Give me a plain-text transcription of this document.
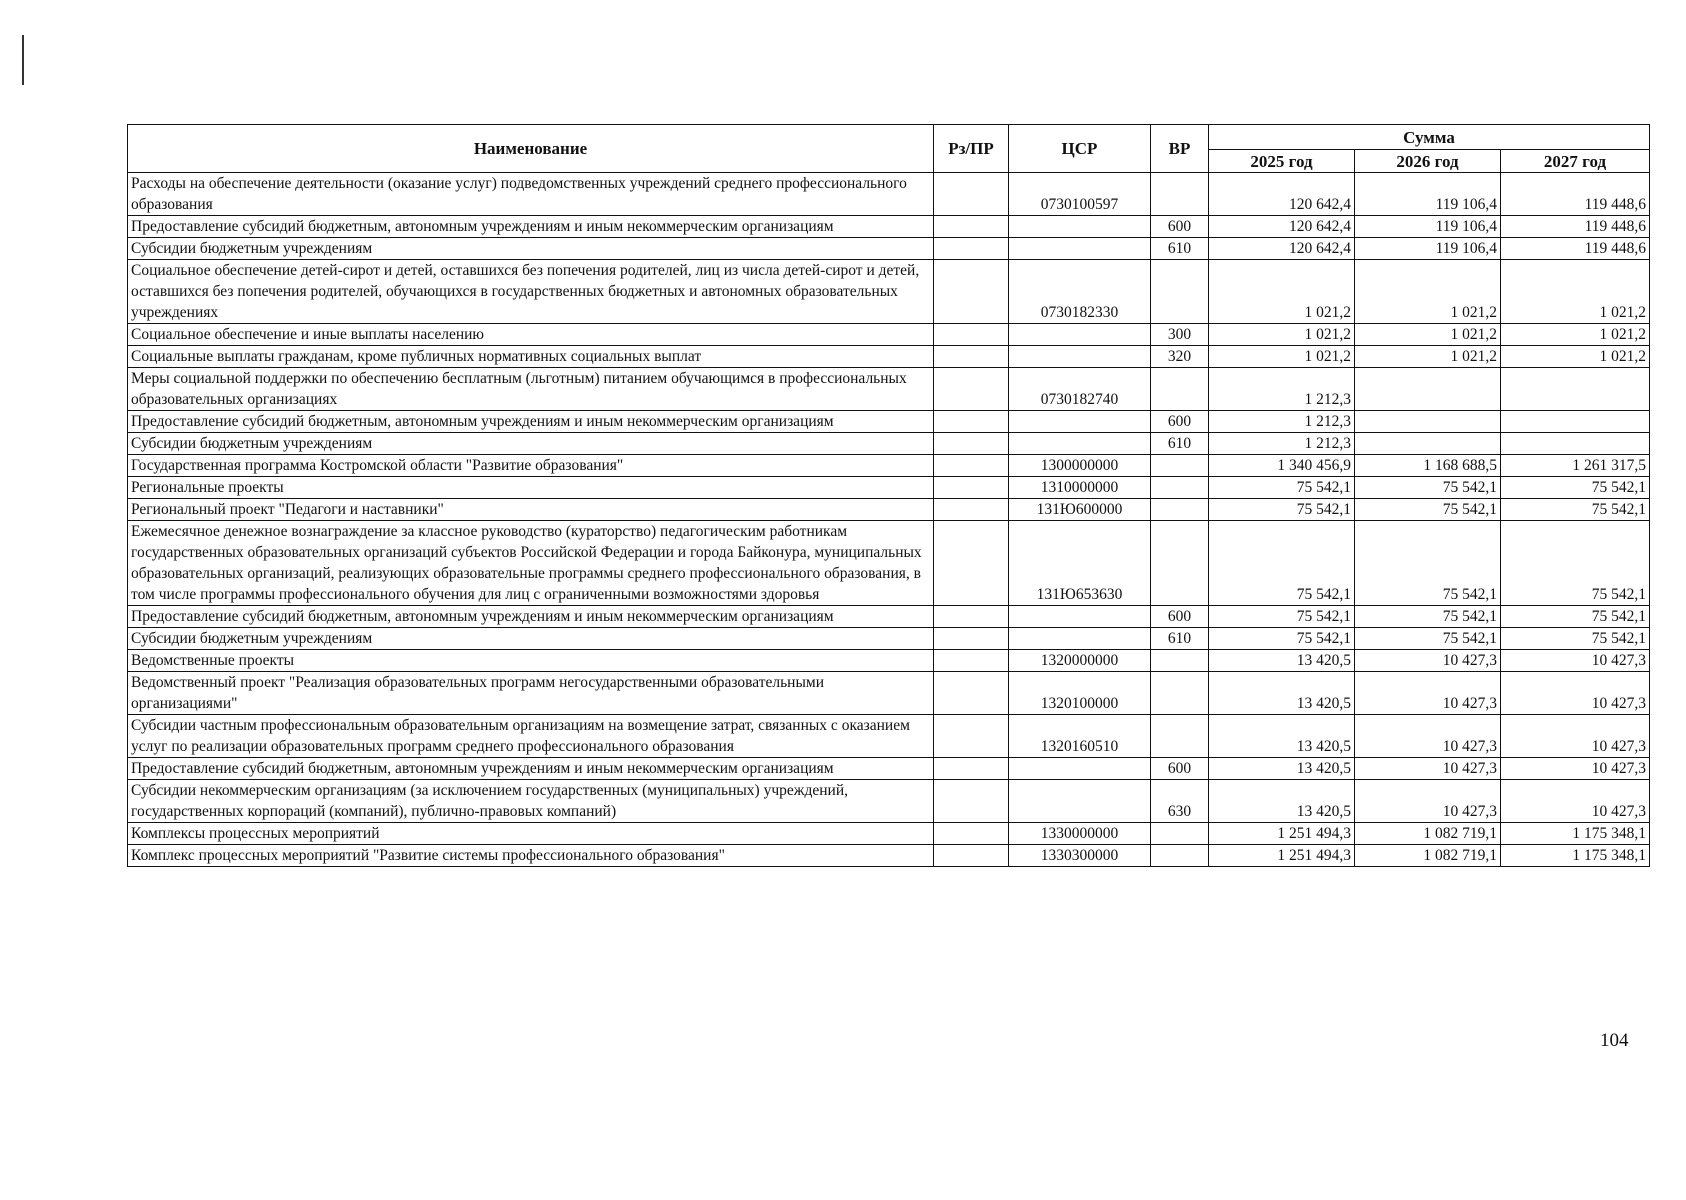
Наименование	Рз/ПР	ЦСР	ВР	Сумма		
				2025 год	2026 год	2027 год
Расходы на обеспечение деятельности (оказание услуг) подведомственных учреждений среднего профессионального образования		0730100597		120 642,4	119 106,4	119 448,6
Предоставление субсидий бюджетным, автономным учреждениям и иным некоммерческим организациям			600	120 642,4	119 106,4	119 448,6
Субсидии бюджетным учреждениям			610	120 642,4	119 106,4	119 448,6
Социальное обеспечение детей-сирот и детей, оставшихся без попечения родителей, лиц из числа детей-сирот и детей, оставшихся без попечения родителей, обучающихся в государственных бюджетных и автономных образовательных учреждениях		0730182330		1 021,2	1 021,2	1 021,2
Социальное обеспечение и иные выплаты населению			300	1 021,2	1 021,2	1 021,2
Социальные выплаты гражданам, кроме публичных нормативных социальных выплат			320	1 021,2	1 021,2	1 021,2
Меры социальной поддержки по обеспечению бесплатным (льготным) питанием обучающимся в профессиональных образовательных организациях		0730182740		1 212,3		
Предоставление субсидий бюджетным, автономным учреждениям и иным некоммерческим организациям			600	1 212,3		
Субсидии бюджетным учреждениям			610	1 212,3		
Государственная программа Костромской области "Развитие образования"		1300000000		1 340 456,9	1 168 688,5	1 261 317,5
Региональные проекты		1310000000		75 542,1	75 542,1	75 542,1
Региональный проект "Педагоги и наставники"		131Ю600000		75 542,1	75 542,1	75 542,1
Ежемесячное денежное вознаграждение за классное руководство (кураторство) педагогическим работникам государственных образовательных организаций субъектов Российской Федерации и города Байконура, муниципальных образовательных организаций, реализующих образовательные программы среднего профессионального образования, в том числе программы профессионального обучения для лиц с ограниченными возможностями здоровья		131Ю653630		75 542,1	75 542,1	75 542,1
Предоставление субсидий бюджетным, автономным учреждениям и иным некоммерческим организациям			600	75 542,1	75 542,1	75 542,1
Субсидии бюджетным учреждениям			610	75 542,1	75 542,1	75 542,1
Ведомственные проекты		1320000000		13 420,5	10 427,3	10 427,3
Ведомственный проект "Реализация образовательных программ негосударственными образовательными организациями"		1320100000		13 420,5	10 427,3	10 427,3
Субсидии частным профессиональным образовательным организациям на возмещение затрат, связанных с оказанием услуг по реализации образовательных программ среднего профессионального образования		1320160510		13 420,5	10 427,3	10 427,3
Предоставление субсидий бюджетным, автономным учреждениям и иным некоммерческим организациям			600	13 420,5	10 427,3	10 427,3
Субсидии некоммерческим организациям (за исключением государственных (муниципальных) учреждений, государственных корпораций (компаний), публично-правовых компаний)			630	13 420,5	10 427,3	10 427,3
Комплексы процессных мероприятий		1330000000		1 251 494,3	1 082 719,1	1 175 348,1
Комплекс процессных мероприятий "Развитие системы профессионального образования"		1330300000		1 251 494,3	1 082 719,1	1 175 348,1
104
